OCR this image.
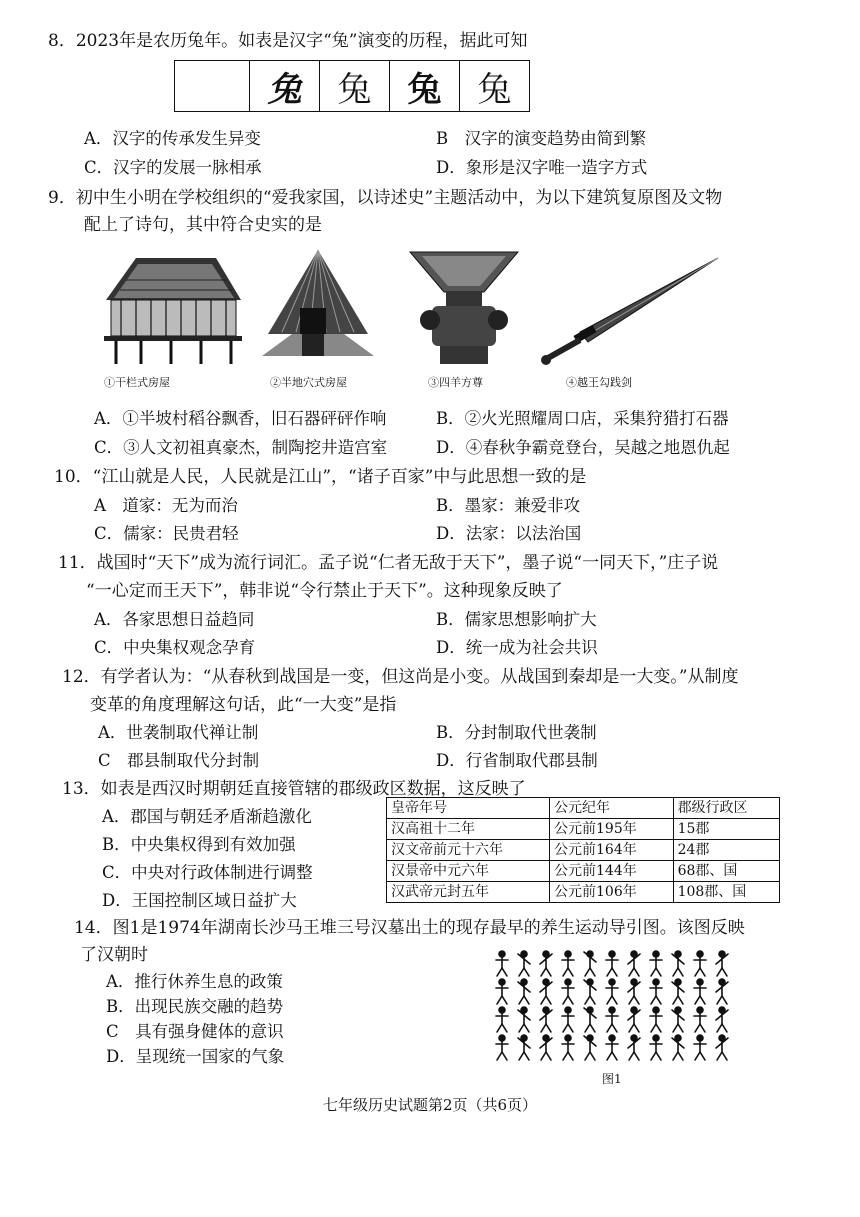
8．2023年是农历兔年。如表是汉字“兔”演变的历程，据此可知
兔	兔	兔	兔
A．汉字的传承发生异变	B　汉字的演变趋势由简到繁
C．汉字的发展一脉相承	D．象形是汉字唯一造字方式
9．初中生小明在学校组织的“爱我家国，以诗述史”主题活动中，为以下建筑复原图及文物
配上了诗句，其中符合史实的是
①干栏式房屋	②半地穴式房屋	③四羊方尊	④越王勾践剑
A．①半坡村稻谷飘香，旧石器砰砰作响	B．②火光照耀周口店，采集狩猎打石器
C．③人文初祖真豪杰，制陶挖井造宫室	D．④春秋争霸竞登台，吴越之地恩仇起
10．“江山就是人民，人民就是江山”，“诸子百家”中与此思想一致的是
A　道家：无为而治	B．墨家：兼爱非攻
C．儒家：民贵君轻	D．法家：以法治国
11．战国时“天下”成为流行词汇。孟子说“仁者无敌于天下”，墨子说“一同天下，”庄子说
“一心定而王天下”，韩非说“令行禁止于天下”。这种现象反映了
A．各家思想日益趋同	B．儒家思想影响扩大
C．中央集权观念孕育	D．统一成为社会共识
12．有学者认为：“从春秋到战国是一变，但这尚是小变。从战国到秦却是一大变。”从制度
变革的角度理解这句话，此“一大变”是指
A．世袭制取代禅让制	B．分封制取代世袭制
C　郡县制取代分封制	D．行省制取代郡县制
13．如表是西汉时期朝廷直接管辖的郡级政区数据，这反映了
A．郡国与朝廷矛盾渐趋激化
B．中央集权得到有效加强
C．中央对行政体制进行调整
D．王国控制区域日益扩大
皇帝年号	公元纪年	郡级行政区
汉高祖十二年	公元前195年	15郡
汉文帝前元十六年	公元前164年	24郡
汉景帝中元六年	公元前144年	68郡、国
汉武帝元封五年	公元前106年	108郡、国
14．图1是1974年湖南长沙马王堆三号汉墓出土的现存最早的养生运动导引图。该图反映
了汉朝时
A．推行休养生息的政策
B．出现民族交融的趋势
C　具有强身健体的意识
D．呈现统一国家的气象
图1
七年级历史试题第2页（共6页）
